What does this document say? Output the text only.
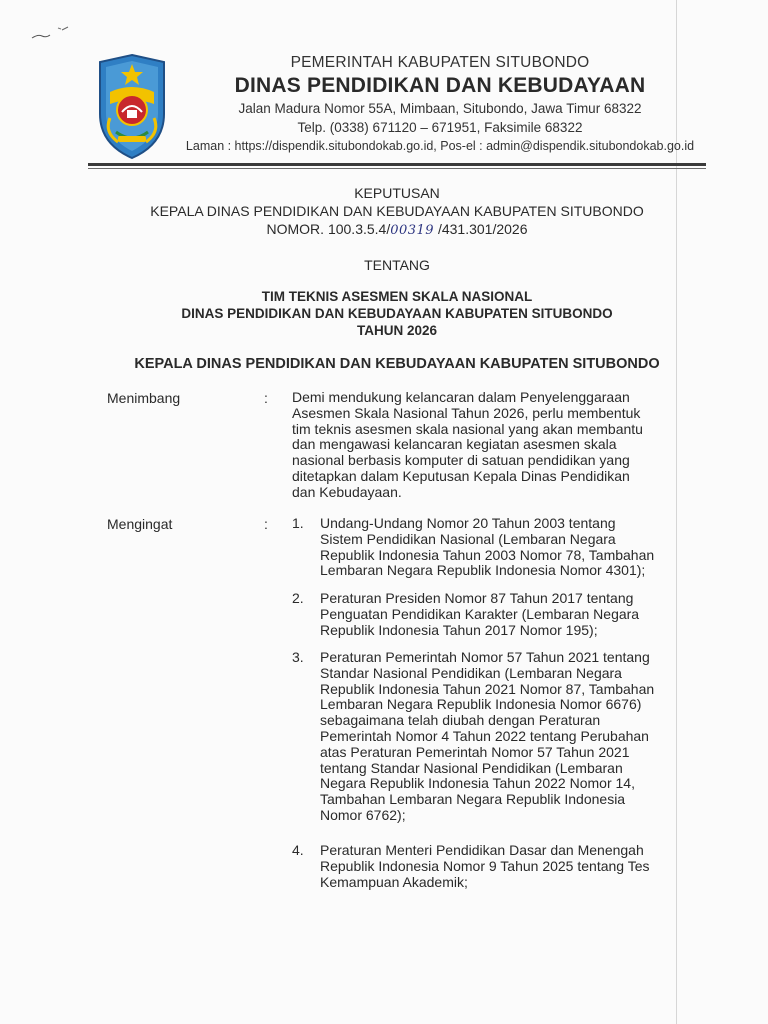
PEMERINTAH KABUPATEN SITUBONDO
DINAS PENDIDIKAN DAN KEBUDAYAAN
Jalan Madura Nomor 55A, Mimbaan, Situbondo, Jawa Timur 68322
Telp. (0338) 671120 – 671951, Faksimile 68322
Laman : https://dispendik.situbondokab.go.id, Pos-el : admin@dispendik.situbondokab.go.id
KEPUTUSAN
KEPALA DINAS PENDIDIKAN DAN KEBUDAYAAN KABUPATEN SITUBONDO
NOMOR. 100.3.5.4/00319 /431.301/2026
TENTANG
TIM TEKNIS ASESMEN SKALA NASIONAL
DINAS PENDIDIKAN DAN KEBUDAYAAN KABUPATEN SITUBONDO
TAHUN 2026
KEPALA DINAS PENDIDIKAN DAN KEBUDAYAAN KABUPATEN SITUBONDO
Menimbang	: Demi mendukung kelancaran dalam Penyelenggaraan
Asesmen Skala Nasional Tahun 2026, perlu membentuk
tim teknis asesmen skala nasional yang akan membantu
dan mengawasi kelancaran kegiatan asesmen skala
nasional berbasis komputer di satuan pendidikan yang
ditetapkan dalam Keputusan Kepala Dinas Pendidikan
dan Kebudayaan.
Mengingat	: 1. Undang-Undang Nomor 20 Tahun 2003 tentang
Sistem Pendidikan Nasional (Lembaran Negara
Republik Indonesia Tahun 2003 Nomor 78, Tambahan
Lembaran Negara Republik Indonesia Nomor 4301);
2. Peraturan Presiden Nomor 87 Tahun 2017 tentang
Penguatan Pendidikan Karakter (Lembaran Negara
Republik Indonesia Tahun 2017 Nomor 195);
3. Peraturan Pemerintah Nomor 57 Tahun 2021 tentang
Standar Nasional Pendidikan (Lembaran Negara
Republik Indonesia Tahun 2021 Nomor 87, Tambahan
Lembaran Negara Republik Indonesia Nomor 6676)
sebagaimana telah diubah dengan Peraturan
Pemerintah Nomor 4 Tahun 2022 tentang Perubahan
atas Peraturan Pemerintah Nomor 57 Tahun 2021
tentang Standar Nasional Pendidikan (Lembaran
Negara Republik Indonesia Tahun 2022 Nomor 14,
Tambahan Lembaran Negara Republik Indonesia
Nomor 6762);
4. Peraturan Menteri Pendidikan Dasar dan Menengah
Republik Indonesia Nomor 9 Tahun 2025 tentang Tes
Kemampuan Akademik;
